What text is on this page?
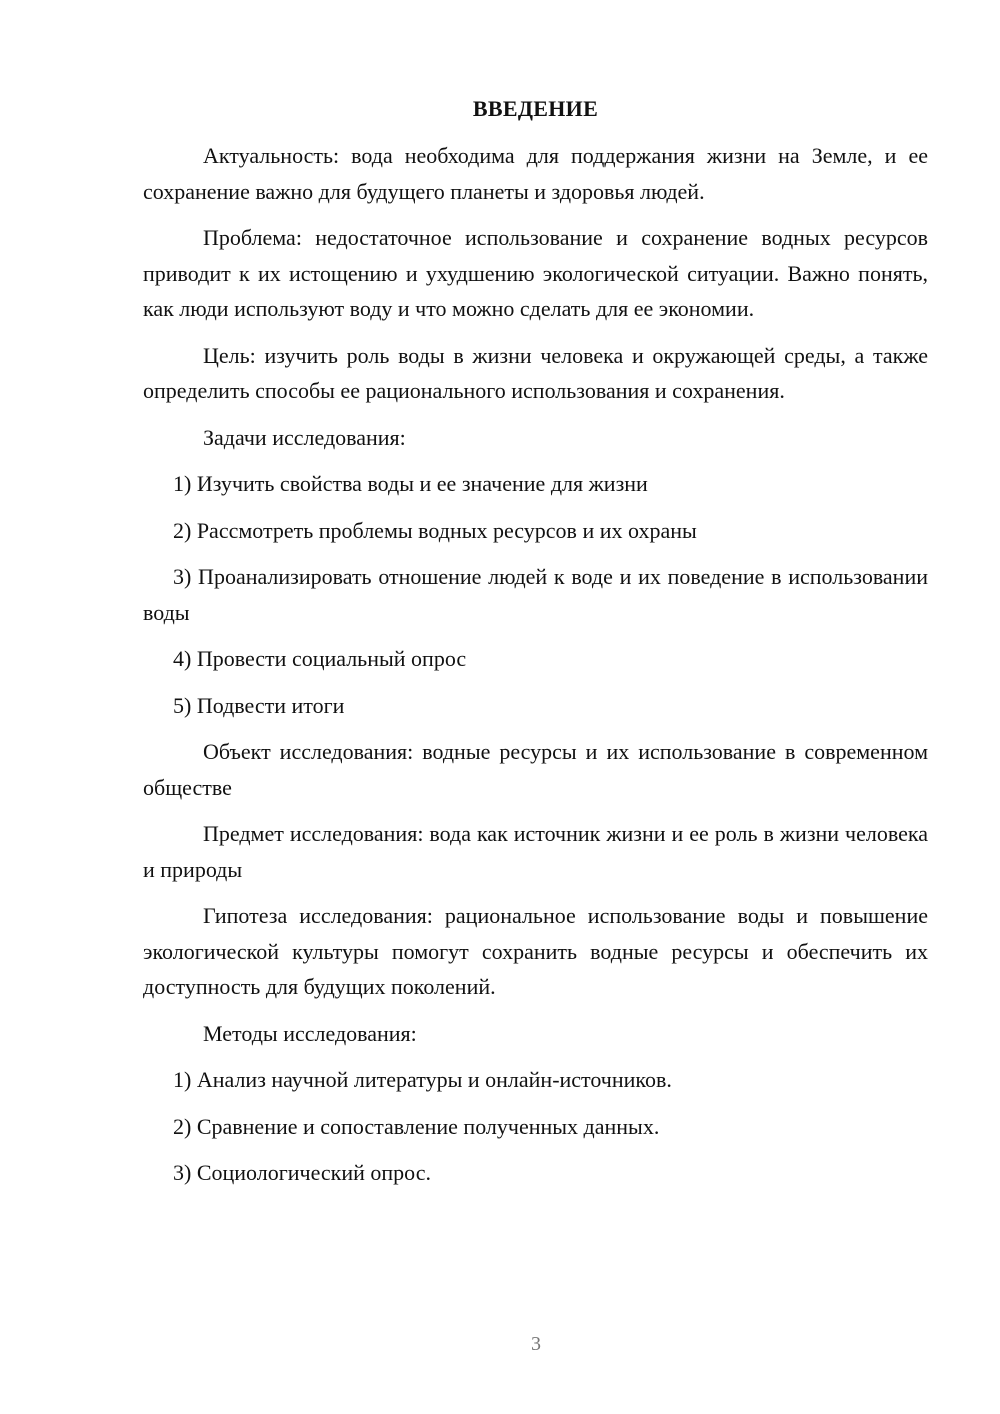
ВВЕДЕНИЕ

Актуальность: вода необходима для поддержания жизни на Земле, и ее сохранение важно для будущего планеты и здоровья людей.

Проблема: недостаточное использование и сохранение водных ресурсов приводит к их истощению и ухудшению экологической ситуации. Важно понять, как люди используют воду и что можно сделать для ее экономии.

Цель: изучить роль воды в жизни человека и окружающей среды, а также определить способы ее рационального использования и сохранения.

Задачи исследования:

1) Изучить свойства воды и ее значение для жизни

2) Рассмотреть проблемы водных ресурсов и их охраны

3) Проанализировать отношение людей к воде и их поведение в использовании воды

4) Провести социальный опрос

5) Подвести итоги

Объект исследования: водные ресурсы и их использование в современном обществе

Предмет исследования: вода как источник жизни и ее роль в жизни человека и природы

Гипотеза исследования: рациональное использование воды и повышение экологической культуры помогут сохранить водные ресурсы и обеспечить их доступность для будущих поколений.

Методы исследования:

1) Анализ научной литературы и онлайн-источников.

2) Сравнение и сопоставление полученных данных.

3) Социологический опрос.

3
